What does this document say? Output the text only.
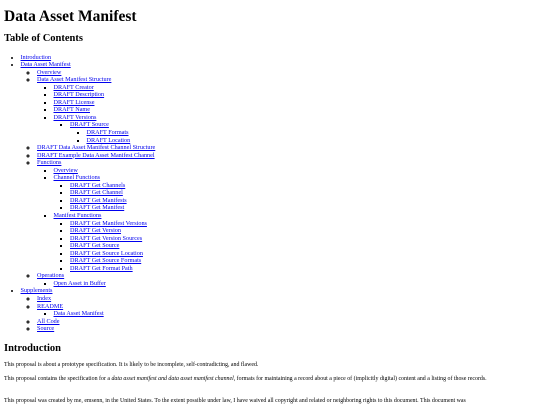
Data Asset Manifest
Table of Contents
• Introduction
• Data Asset Manifest
◦ Overview
◦ Data Asset Manifest Structure
▪ DRAFT Creator
▪ DRAFT Description
▪ DRAFT License
▪ DRAFT Name
▪ DRAFT Versions
▪ DRAFT Source
▪ DRAFT Formats
▪ DRAFT Location
◦ DRAFT Data Asset Manifest Channel Structure
◦ DRAFT Example Data Asset Manifest Channel
◦ Functions
▪ Overview
▪ Channel Functions
▪ DRAFT Get Channels
▪ DRAFT Get Channel
▪ DRAFT Get Manifests
▪ DRAFT Get Manifest
▪ Manifest Functions
▪ DRAFT Get Manifest Versions
▪ DRAFT Get Version
▪ DRAFT Get Version Sources
▪ DRAFT Get Source
▪ DRAFT Get Source Location
▪ DRAFT Get Source Formats
▪ DRAFT Get Format Path
◦ Operations
▪ Open Asset in Buffer
• Supplements
◦ Index
◦ README
▪ Data Asset Manifest
◦ All Code
◦ Source
Introduction

This proposal is about a prototype specification. It is likely to be incomplete, self-contradicting, and flawed.

This proposal contains the specification for a data asset manifest and data asset manifest channel, formats for maintaining a record about a piece of (implicitly digital) content and a listing of those records.

This proposal was created by me, emsenn, in the United States. To the extent possible under law, I have waived all copyright and related or neighboring rights to this document. This document was
